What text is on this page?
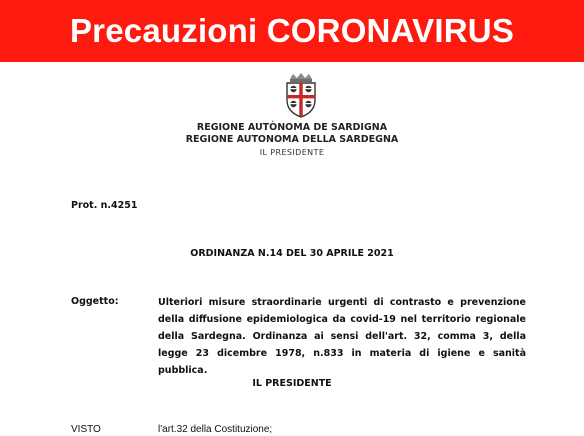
Precauzioni CORONAVIRUS
REGIONE AUTÒNOMA DE SARDIGNA
REGIONE AUTONOMA DELLA SARDEGNA
IL PRESIDENTE
Prot. n.4251
ORDINANZA N.14 DEL 30 APRILE 2021
Oggetto:	Ulteriori misure straordinarie urgenti di contrasto e prevenzione della diffusione epidemiologica da covid-19 nel territorio regionale della Sardegna. Ordinanza ai sensi dell'art. 32, comma 3, della legge 23 dicembre 1978, n.833 in materia di igiene e sanità pubblica.
IL PRESIDENTE
VISTO	l'art.32 della Costituzione;
